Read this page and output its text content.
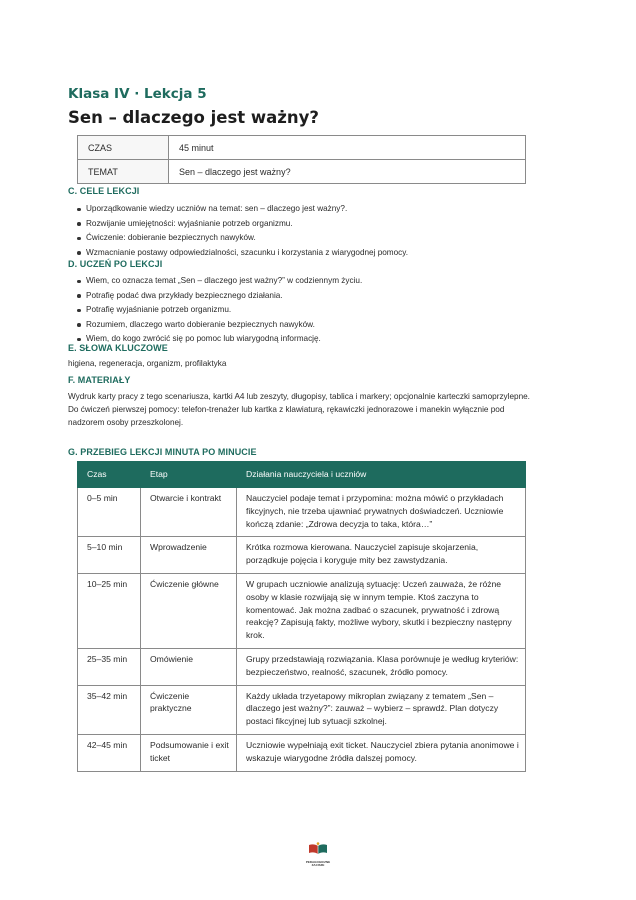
Klasa IV · Lekcja 5
Sen – dlaczego jest ważny?
CZAS	45 minut
TEMAT	Sen – dlaczego jest ważny?
C. CELE LEKCJI
Uporządkowanie wiedzy uczniów na temat: sen – dlaczego jest ważny?.
Rozwijanie umiejętności: wyjaśnianie potrzeb organizmu.
Ćwiczenie: dobieranie bezpiecznych nawyków.
Wzmacnianie postawy odpowiedzialności, szacunku i korzystania z wiarygodnej pomocy.
D. UCZEŃ PO LEKCJI
Wiem, co oznacza temat „Sen – dlaczego jest ważny?” w codziennym życiu.
Potrafię podać dwa przykłady bezpiecznego działania.
Potrafię wyjaśnianie potrzeb organizmu.
Rozumiem, dlaczego warto dobieranie bezpiecznych nawyków.
Wiem, do kogo zwrócić się po pomoc lub wiarygodną informację.
E. SŁOWA KLUCZOWE

higiena, regeneracja, organizm, profilaktyka

F. MATERIAŁY

Wydruk karty pracy z tego scenariusza, kartki A4 lub zeszyty, długopisy, tablica i markery; opcjonalnie karteczki samoprzylepne. Do ćwiczeń pierwszej pomocy: telefon-trenażer lub kartka z klawiaturą, rękawiczki jednorazowe i manekin wyłącznie pod nadzorem osoby przeszkolonej.

G. PRZEBIEG LEKCJI MINUTA PO MINUCIE
Czas	Etap	Działania nauczyciela i uczniów
0–5 min	Otwarcie i kontrakt	Nauczyciel podaje temat i przypomina: można mówić o przykładach fikcyjnych, nie trzeba ujawniać prywatnych doświadczeń. Uczniowie kończą zdanie: „Zdrowa decyzja to taka, która…”
5–10 min	Wprowadzenie	Krótka rozmowa kierowana. Nauczyciel zapisuje skojarzenia, porządkuje pojęcia i koryguje mity bez zawstydzania.
10–25 min	Ćwiczenie główne	W grupach uczniowie analizują sytuację: Uczeń zauważa, że różne osoby w klasie rozwijają się w innym tempie. Ktoś zaczyna to komentować. Jak można zadbać o szacunek, prywatność i zdrową reakcję? Zapisują fakty, możliwe wybory, skutki i bezpieczny następny krok.
25–35 min	Omówienie	Grupy przedstawiają rozwiązania. Klasa porównuje je według kryteriów: bezpieczeństwo, realność, szacunek, źródło pomocy.
35–42 min	Ćwiczenie praktyczne	Każdy układa trzyetapowy mikroplan związany z tematem „Sen – dlaczego jest ważny?”: zauważ – wybierz – sprawdź. Plan dotyczy postaci fikcyjnej lub sytuacji szkolnej.
42–45 min	Podsumowanie i exit ticket	Uczniowie wypełniają exit ticket. Nauczyciel zbiera pytania anonimowe i wskazuje wiarygodne źródła dalszej pomocy.
PEDAGOGICZNE ZACISZE
